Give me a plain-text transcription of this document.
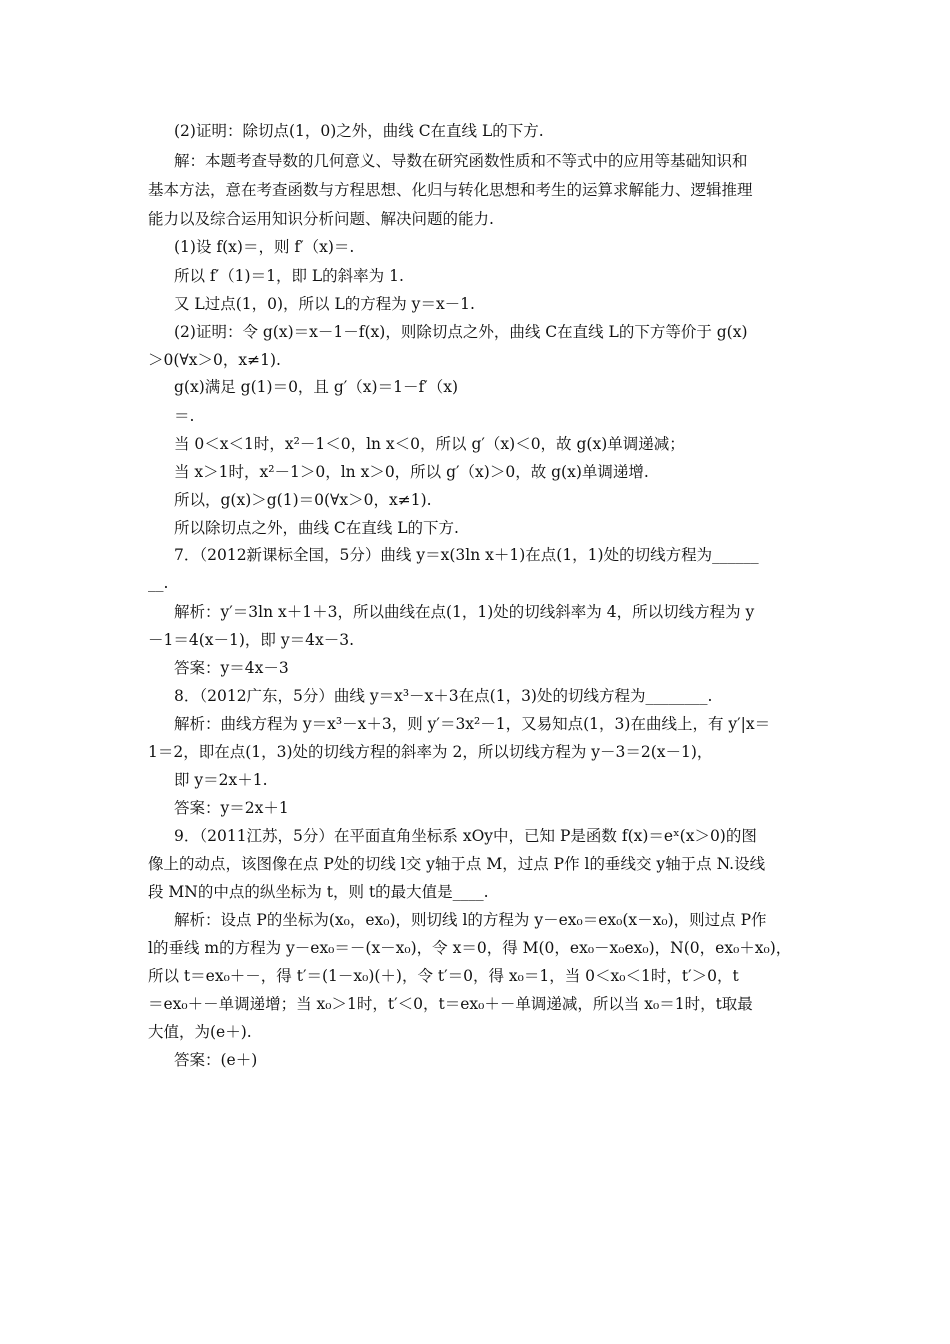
(2)证明：除切点(1，0)之外，曲线 C在直线 L的下方.
解：本题考查导数的几何意义、导数在研究函数性质和不等式中的应用等基础知识和
基本方法，意在考查函数与方程思想、化归与转化思想和考生的运算求解能力、逻辑推理
能力以及综合运用知识分析问题、解决问题的能力.
(1)设 f(x)＝，则 f′（x)＝.
所以 f′（1)＝1，即 L的斜率为 1.
又 L过点(1，0)，所以 L的方程为 y＝x－1.
(2)证明：令 g(x)＝x－1－f(x)，则除切点之外，曲线 C在直线 L的下方等价于 g(x)
＞0(∀x＞0，x≠1).
g(x)满足 g(1)＝0，且 g′（x)＝1－f′（x)
＝.
当 0＜x＜1时，x²－1＜0，ln x＜0，所以 g′（x)＜0，故 g(x)单调递减；
当 x＞1时，x²－1＞0，ln x＞0，所以 g′（x)＞0，故 g(x)单调递增.
所以，g(x)＞g(1)＝0(∀x＞0，x≠1).
所以除切点之外，曲线 C在直线 L的下方.
7．（2012新课标全国，5分）曲线 y＝x(3ln x＋1)在点(1，1)处的切线方程为______
__.
解析：y′＝3ln x＋1＋3，所以曲线在点(1，1)处的切线斜率为 4，所以切线方程为 y
－1＝4(x－1)，即 y＝4x－3.
答案：y＝4x－3
8．（2012广东，5分）曲线 y＝x³－x＋3在点(1，3)处的切线方程为________.
解析：曲线方程为 y＝x³－x＋3，则 y′＝3x²－1，又易知点(1，3)在曲线上，有 y′|x＝
1＝2，即在点(1，3)处的切线方程的斜率为 2，所以切线方程为 y－3＝2(x－1)，
即 y＝2x＋1.
答案：y＝2x＋1
9．（2011江苏，5分）在平面直角坐标系 xOy中，已知 P是函数 f(x)＝eˣ(x＞0)的图
像上的动点，该图像在点 P处的切线 l交 y轴于点 M，过点 P作 l的垂线交 y轴于点 N.设线
段 MN的中点的纵坐标为 t，则 t的最大值是____.
解析：设点 P的坐标为(x₀，ex₀)，则切线 l的方程为 y－ex₀＝ex₀(x－x₀)，则过点 P作
l的垂线 m的方程为 y－ex₀＝－(x－x₀)，令 x＝0，得 M(0，ex₀－x₀ex₀)，N(0，ex₀＋x₀)，
所以 t＝ex₀＋－，得 t′＝(1－x₀)(＋)，令 t′＝0，得 x₀＝1，当 0＜x₀＜1时，t′＞0，t
＝ex₀＋－单调递增；当 x₀＞1时，t′＜0，t＝ex₀＋－单调递减，所以当 x₀＝1时，t取最
大值，为(e＋).
答案：(e＋)
